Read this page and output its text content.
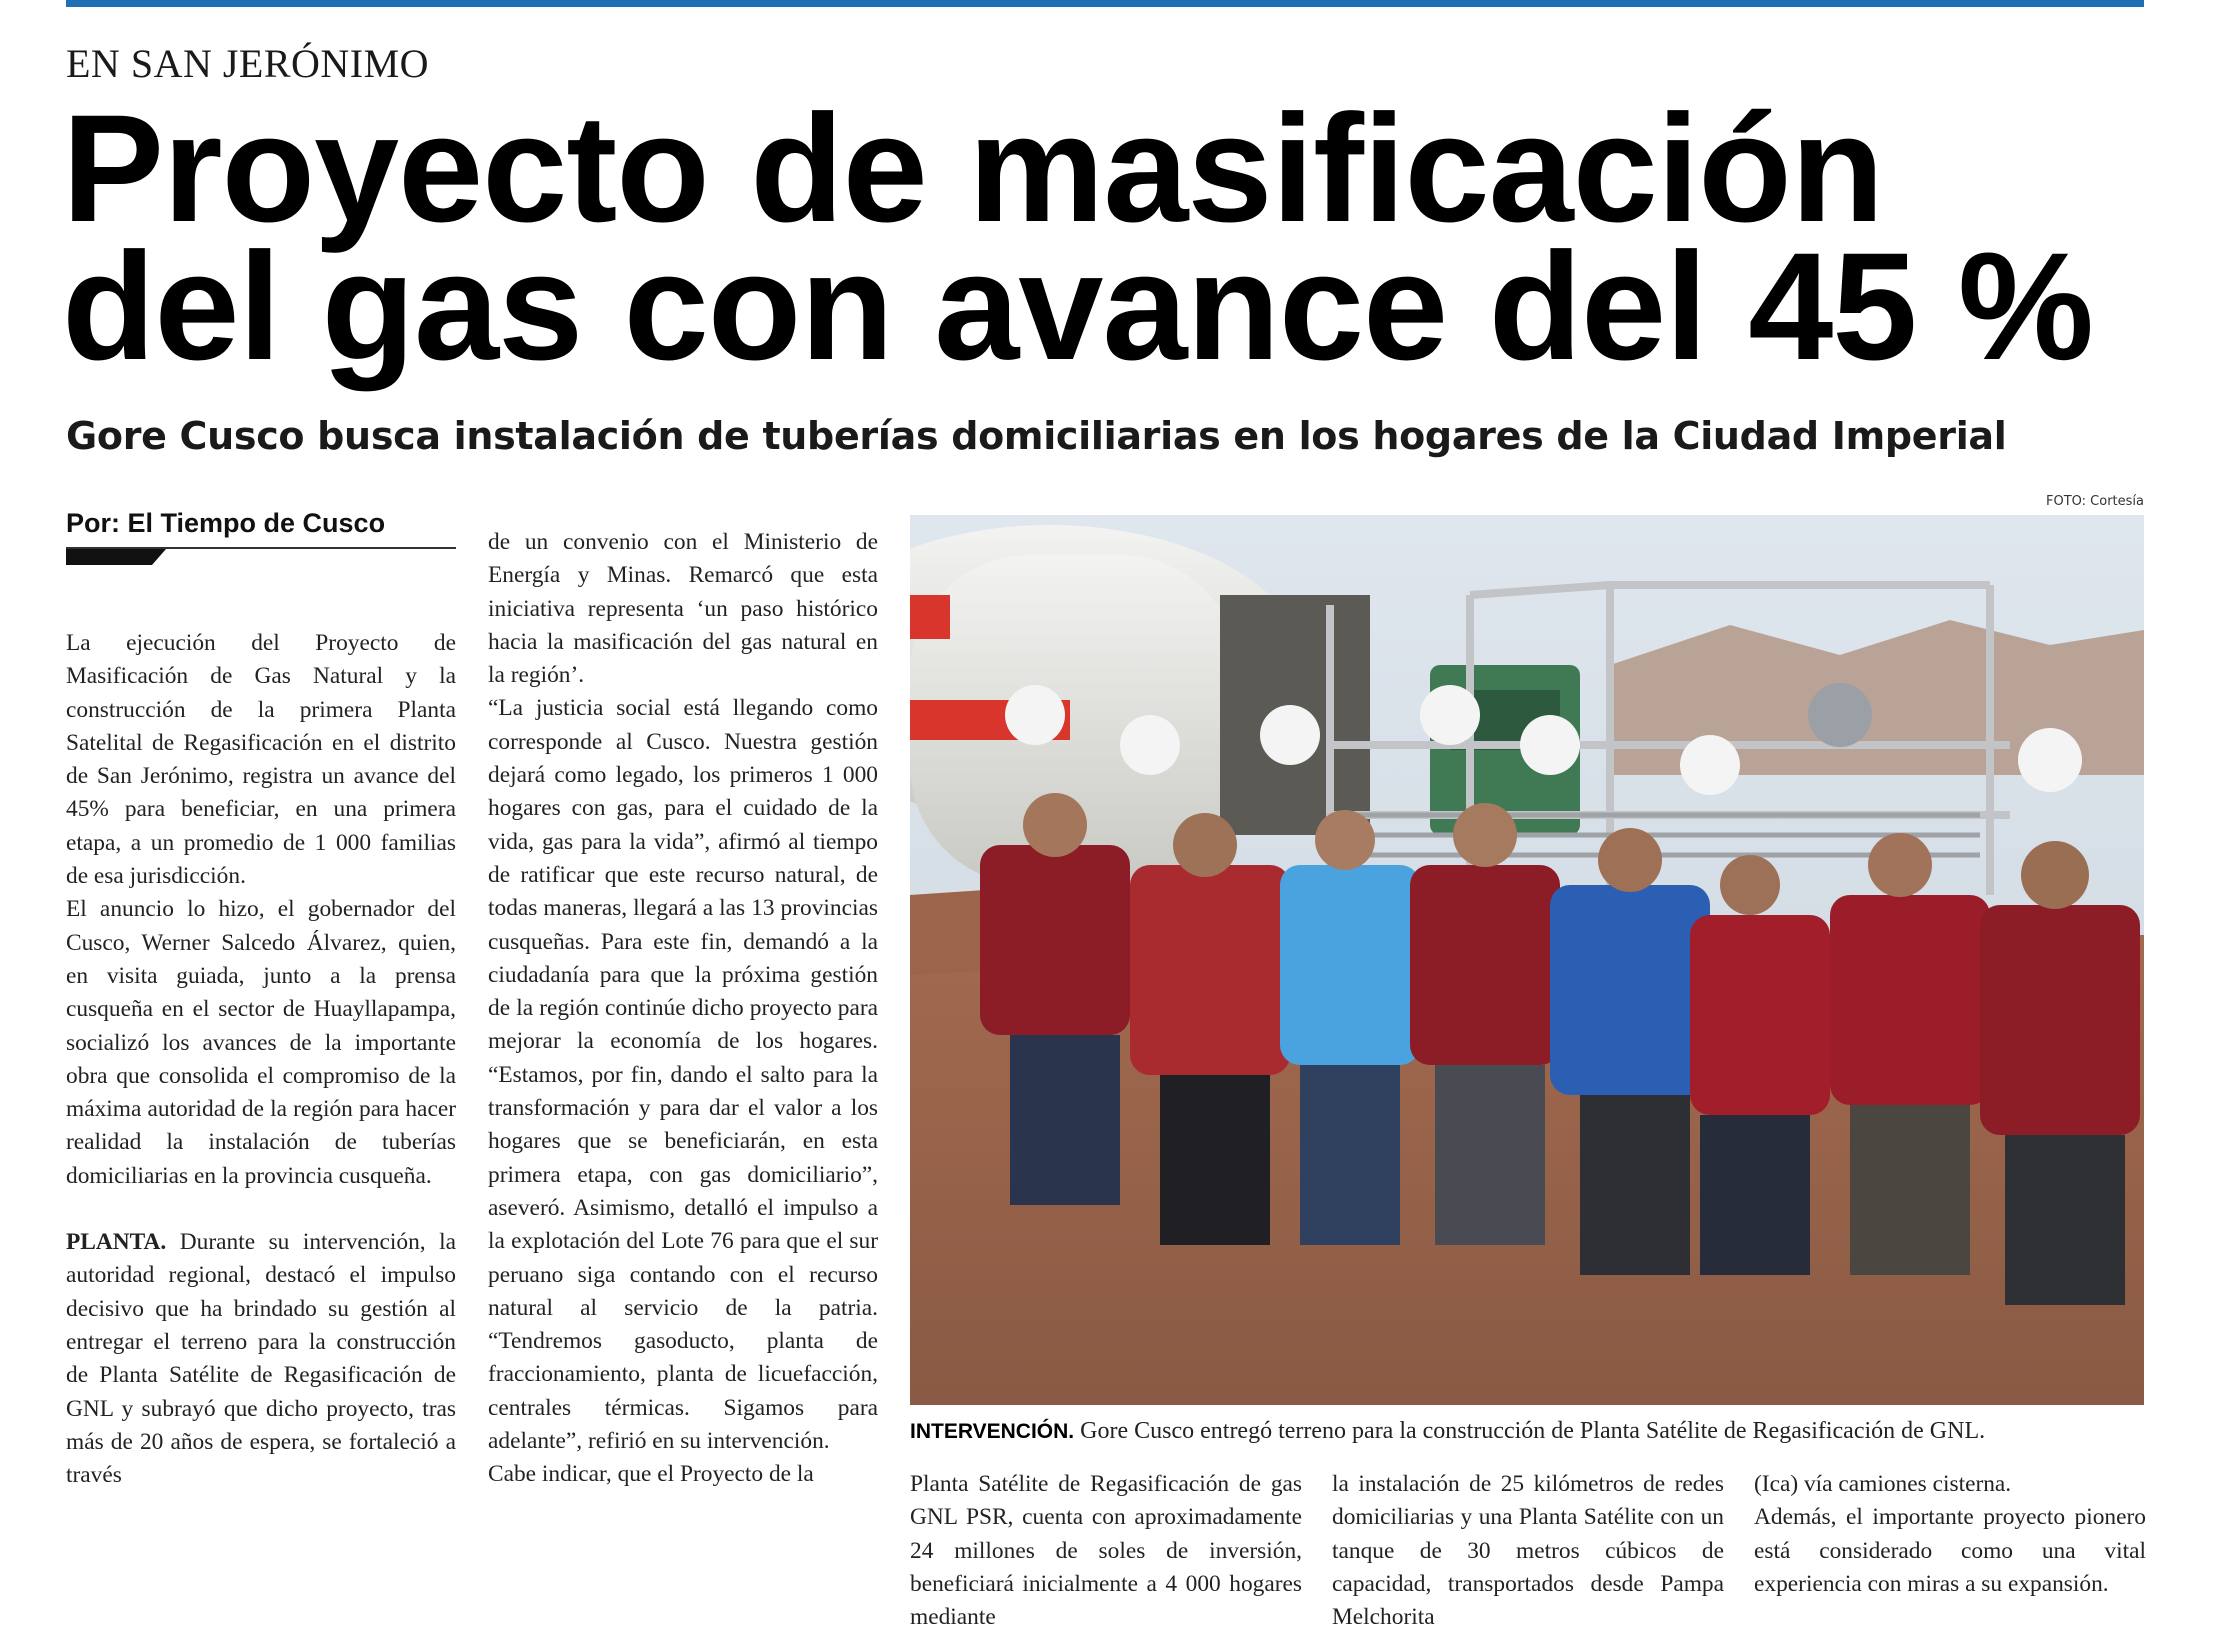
EN SAN JERÓNIMO
Proyecto de masificación
del gas con avance del 45 %
Gore Cusco busca instalación de tuberías domiciliarias en los hogares de la Ciudad Imperial
Por: El Tiempo de Cusco

La ejecución del Proyecto de Masificación de Gas Natural y la construcción de la primera Planta Satelital de Regasificación en el distrito de San Jerónimo, registra un avance del 45% para beneficiar, en una primera etapa, a un promedio de 1 000 familias de esa jurisdicción.

El anuncio lo hizo, el gobernador del Cusco, Werner Salcedo Álvarez, quien, en visita guiada, junto a la prensa cusqueña en el sector de Huayllapampa, socializó los avances de la importante obra que consolida el compromiso de la máxima autoridad de la región para hacer realidad la instalación de tuberías domiciliarias en la provincia cusqueña.

PLANTA. Durante su intervención, la autoridad regional, destacó el impulso decisivo que ha brindado su gestión al entregar el terreno para la construcción de Planta Satélite de Regasificación de GNL y subrayó que dicho proyecto, tras más de 20 años de espera, se fortaleció a través

de un convenio con el Ministerio de Energía y Minas. Remarcó que esta iniciativa representa ‘un paso histórico hacia la masificación del gas natural en la región’.

“La justicia social está llegando como corresponde al Cusco. Nuestra gestión dejará como legado, los primeros 1 000 hogares con gas, para el cuidado de la vida, gas para la vida”, afirmó al tiempo de ratificar que este recurso natural, de todas maneras, llegará a las 13 provincias cusqueñas. Para este fin, demandó a la ciudadanía para que la próxima gestión de la región continúe dicho proyecto para mejorar la economía de los hogares. “Estamos, por fin, dando el salto para la transformación y para dar el valor a los hogares que se beneficiarán, en esta primera etapa, con gas domiciliario”, aseveró. Asimismo, detalló el impulso a la explotación del Lote 76 para que el sur peruano siga contando con el recurso natural al servicio de la patria. “Tendremos gasoducto, planta de fraccionamiento, planta de licuefacción, centrales térmicas. Sigamos para adelante”, refirió en su intervención.

Cabe indicar, que el Proyecto de la

FOTO: Cortesía
INTERVENCIÓN. Gore Cusco entregó terreno para la construcción de Planta Satélite de Regasificación de GNL.

Planta Satélite de Regasificación de gas GNL PSR, cuenta con aproximadamente 24 millones de soles de inversión, beneficiará inicialmente a 4 000 hogares mediante

la instalación de 25 kilómetros de redes domiciliarias y una Planta Satélite con un tanque de 30 metros cúbicos de capacidad, transportados desde Pampa Melchorita

(Ica) vía camiones cisterna.

Además, el importante proyecto pionero está considerado como una vital experiencia con miras a su expansión.
